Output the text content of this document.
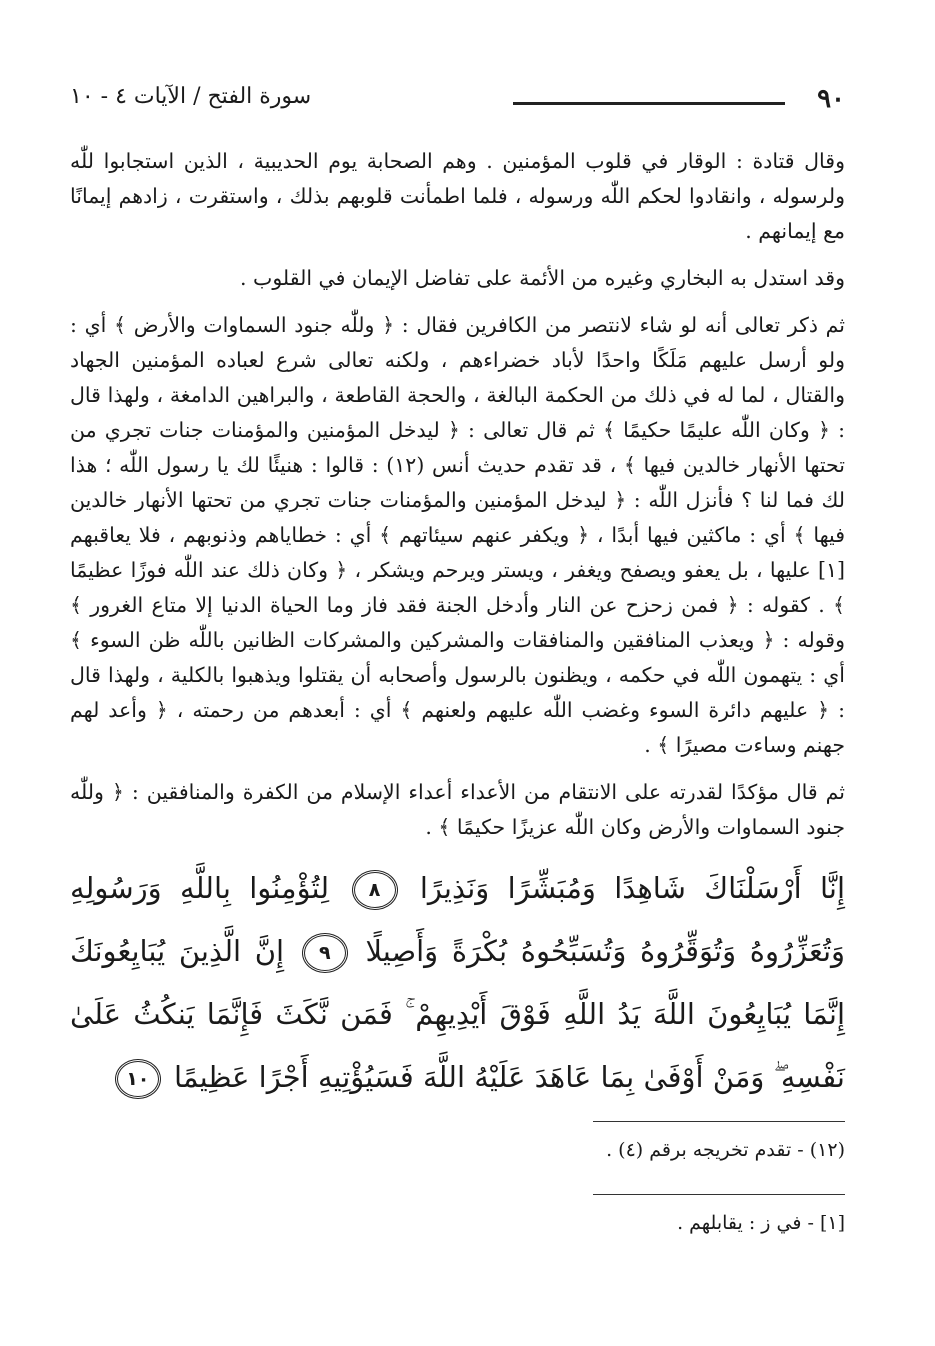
٩٠
سورة الفتح / الآيات ٤ - ١٠

وقال قتادة : الوقار في قلوب المؤمنين . وهم الصحابة يوم الحديبية ، الذين استجابوا للّٰه ولرسوله ، وانقادوا لحكم اللّٰه ورسوله ، فلما اطمأنت قلوبهم بذلك ، واستقرت ، زادهم إيمانًا مع إيمانهم .

وقد استدل به البخاري وغيره من الأئمة على تفاضل الإيمان في القلوب .

ثم ذكر تعالى أنه لو شاء لانتصر من الكافرين فقال : ﴿ وللّٰه جنود السماوات والأرض ﴾ أي : ولو أرسل عليهم مَلَكًا واحدًا لأباد خضراءهم ، ولكنه تعالى شرع لعباده المؤمنين الجهاد والقتال ، لما له في ذلك من الحكمة البالغة ، والحجة القاطعة ، والبراهين الدامغة ، ولهذا قال : ﴿ وكان اللّٰه عليمًا حكيمًا ﴾ ثم قال تعالى : ﴿ ليدخل المؤمنين والمؤمنات جنات تجري من تحتها الأنهار خالدين فيها ﴾ ، قد تقدم حديث أنس (١٢) : قالوا : هنيئًا لك يا رسول اللّٰه ؛ هذا لك فما لنا ؟ فأنزل اللّٰه : ﴿ ليدخل المؤمنين والمؤمنات جنات تجري من تحتها الأنهار خالدين فيها ﴾ أي : ماكثين فيها أبدًا ، ﴿ ويكفر عنهم سيئاتهم ﴾ أي : خطاياهم وذنوبهم ، فلا يعاقبهم [١] عليها ، بل يعفو ويصفح ويغفر ، ويستر ويرحم ويشكر ، ﴿ وكان ذلك عند اللّٰه فوزًا عظيمًا ﴾ . كقوله : ﴿ فمن زحزح عن النار وأدخل الجنة فقد فاز وما الحياة الدنيا إلا متاع الغرور ﴾ وقوله : ﴿ ويعذب المنافقين والمنافقات والمشركين والمشركات الظانين باللّٰه ظن السوء ﴾ أي : يتهمون اللّٰه في حكمه ، ويظنون بالرسول وأصحابه أن يقتلوا ويذهبوا بالكلية ، ولهذا قال : ﴿ عليهم دائرة السوء وغضب اللّٰه عليهم ولعنهم ﴾ أي : أبعدهم من رحمته ، ﴿ وأعد لهم جهنم وساءت مصيرًا ﴾ .

ثم قال مؤكدًا لقدرته على الانتقام من الأعداء أعداء الإسلام من الكفرة والمنافقين : ﴿ وللّٰه جنود السماوات والأرض وكان اللّٰه عزيزًا حكيمًا ﴾ .

إِنَّا أَرْسَلْنَاكَ شَاهِدًا وَمُبَشِّرًا وَنَذِيرًا ٨ لِتُؤْمِنُوا بِاللَّهِ وَرَسُولِهِ وَتُعَزِّرُوهُ وَتُوَقِّرُوهُ وَتُسَبِّحُوهُ بُكْرَةً وَأَصِيلًا ٩ إِنَّ الَّذِينَ يُبَايِعُونَكَ إِنَّمَا يُبَايِعُونَ اللَّهَ يَدُ اللَّهِ فَوْقَ أَيْدِيهِمْ ۚ فَمَن نَّكَثَ فَإِنَّمَا يَنكُثُ عَلَىٰ نَفْسِهِ ۖ وَمَنْ أَوْفَىٰ بِمَا عَاهَدَ عَلَيْهُ اللَّهَ فَسَيُؤْتِيهِ أَجْرًا عَظِيمًا ١٠

(١٢) - تقدم تخريجه برقم (٤) .

[١] - في ز : يقابلهم .
